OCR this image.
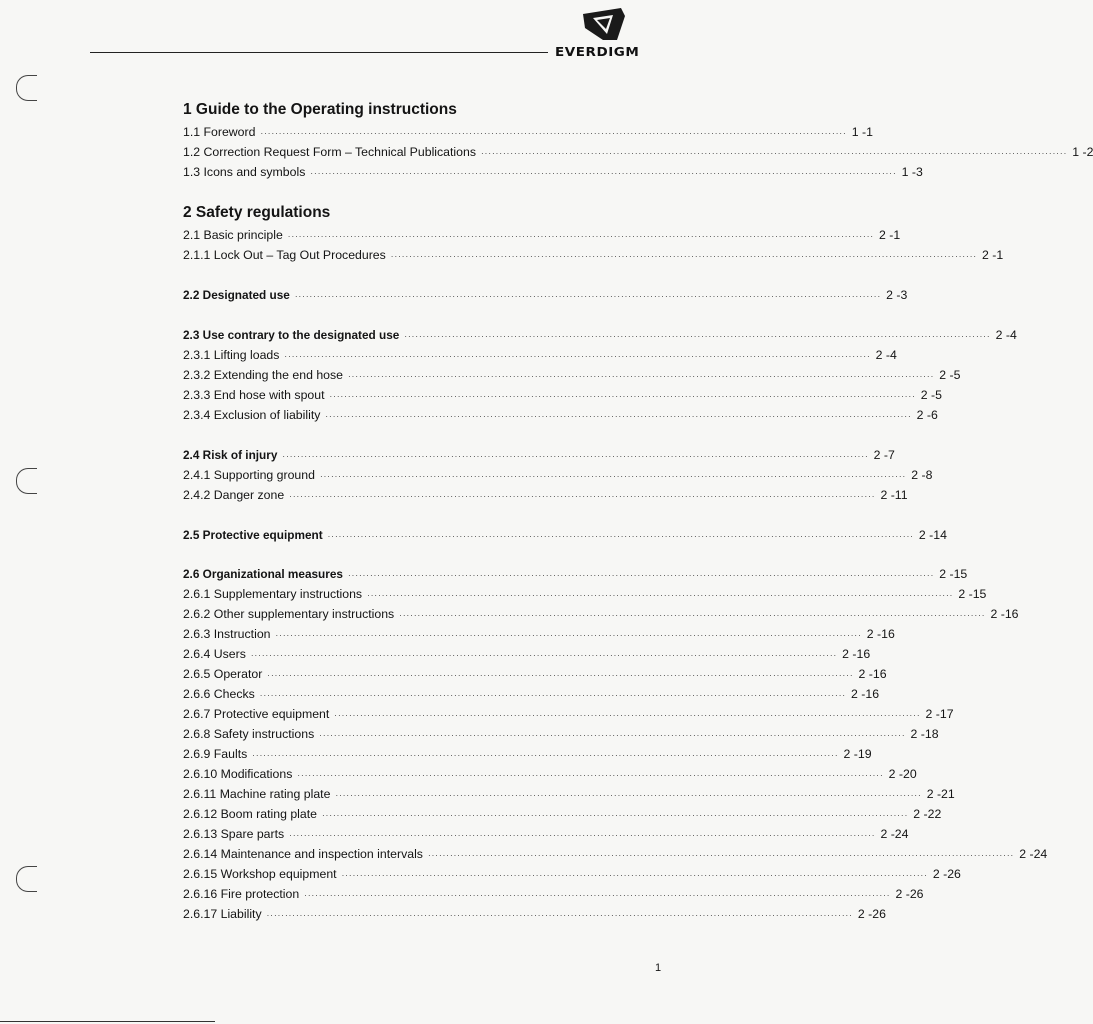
EVERDIGM
1 Guide to the Operating instructions
1.1 Foreword ································································································································································ 1 - 1
1.2 Correction Request Form – Technical Publications ································································································································································ 1 - 2
1.3 Icons and symbols ································································································································································ 1 - 3
2 Safety regulations
2.1 Basic principle ································································································································································ 2 - 1
2.1.1 Lock Out – Tag Out Procedures ································································································································································ 2 - 1
2.2 Designated use ································································································································································ 2 - 3
2.3 Use contrary to the designated use ································································································································································ 2 - 4
2.3.1 Lifting loads ································································································································································ 2 - 4
2.3.2 Extending the end hose ································································································································································ 2 - 5
2.3.3 End hose with spout ································································································································································ 2 - 5
2.3.4 Exclusion of liability ································································································································································ 2 - 6
2.4 Risk of injury ································································································································································ 2 - 7
2.4.1 Supporting ground ································································································································································ 2 - 8
2.4.2 Danger zone ································································································································································ 2 - 11
2.5 Protective equipment ································································································································································ 2 - 14
2.6 Organizational measures ································································································································································ 2 - 15
2.6.1 Supplementary instructions ································································································································································ 2 - 15
2.6.2 Other supplementary instructions ································································································································································ 2 - 16
2.6.3 Instruction ································································································································································ 2 - 16
2.6.4 Users ································································································································································ 2 - 16
2.6.5 Operator ································································································································································ 2 - 16
2.6.6 Checks ································································································································································ 2 - 16
2.6.7 Protective equipment ································································································································································ 2 - 17
2.6.8 Safety instructions ································································································································································ 2 - 18
2.6.9 Faults ································································································································································ 2 - 19
2.6.10 Modifications ································································································································································ 2 - 20
2.6.11 Machine rating plate ································································································································································ 2 - 21
2.6.12 Boom rating plate ································································································································································ 2 - 22
2.6.13 Spare parts ································································································································································ 2 - 24
2.6.14 Maintenance and inspection intervals ································································································································································ 2 - 24
2.6.15 Workshop equipment ································································································································································ 2 - 26
2.6.16 Fire protection ································································································································································ 2 - 26
2.6.17 Liability ································································································································································ 2 - 26
1
